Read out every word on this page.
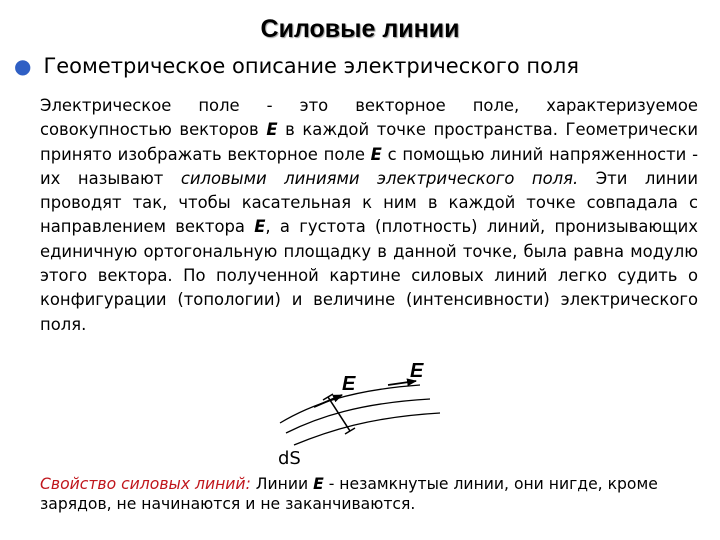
Силовые линии
● Геометрическое описание электрического поля
Электрическое поле - это векторное поле, характеризуемое совокупностью векторов E в каждой точке пространства. Геометрически принято изображать векторное поле E с помощью линий напряженности - их называют силовыми линиями электрического поля. Эти линии проводят так, чтобы касательная к ним в каждой точке совпадала с направлением вектора E, а густота (плотность) линий, пронизывающих единичную ортогональную площадку в данной точке, была равна модулю этого вектора. По полученной картине силовых линий легко судить о конфигурации (топологии) и величине (интенсивности) электрического поля.
E
E
dS
Свойство силовых линий: Линии E - незамкнутые линии, они нигде, кроме зарядов, не начинаются и не заканчиваются.
